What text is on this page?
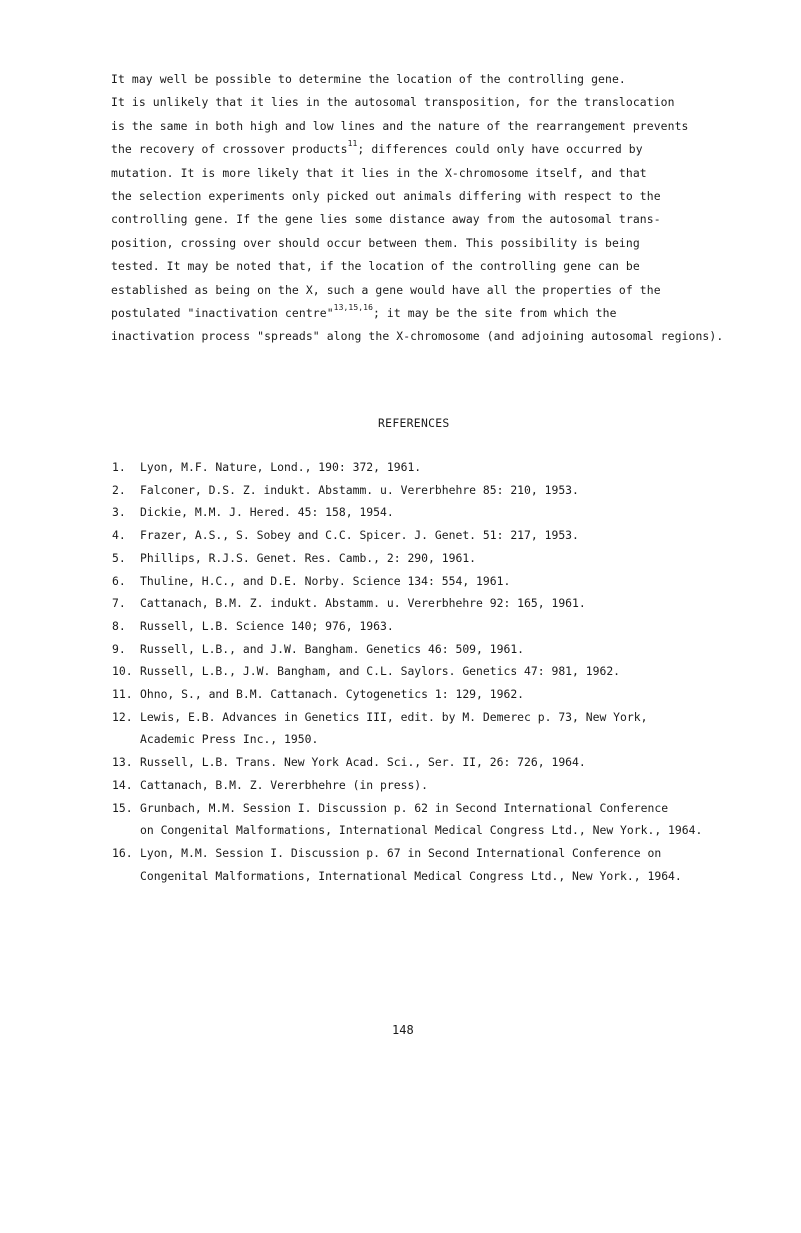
It may well be possible to determine the location of the controlling gene.
It is unlikely that it lies in the autosomal transposition, for the translocation
is the same in both high and low lines and the nature of the rearrangement prevents
the recovery of crossover products$^{11}$; differences could only have occurred by
mutation. It is more likely that it lies in the X-chromosome itself, and that
the selection experiments only picked out animals differing with respect to the
controlling gene. If the gene lies some distance away from the autosomal trans-
position, crossing over should occur between them. This possibility is being
tested. It may be noted that, if the location of the controlling gene can be
established as being on the X, such a gene would have all the properties of the
postulated "inactivation centre"$^{13,15,16}$; it may be the site from which the
inactivation process "spreads" along the X-chromosome (and adjoining autosomal regions).
REFERENCES
1.	Lyon, M.F. Nature, Lond., 190: 372, 1961.
2.	Falconer, D.S. Z. indukt. Abstamm. u. Vererbhehre 85: 210, 1953.
3.	Dickie, M.M. J. Hered. 45: 158, 1954.
4.	Frazer, A.S., S. Sobey and C.C. Spicer. J. Genet. 51: 217, 1953.
5.	Phillips, R.J.S. Genet. Res. Camb., 2: 290, 1961.
6.	Thuline, H.C., and D.E. Norby. Science 134: 554, 1961.
7.	Cattanach, B.M. Z. indukt. Abstamm. u. Vererbhehre 92: 165, 1961.
8.	Russell, L.B. Science 140; 976, 1963.
9.	Russell, L.B., and J.W. Bangham. Genetics 46: 509, 1961.
10. Russell, L.B., J.W. Bangham, and C.L. Saylors. Genetics 47: 981, 1962.
11. Ohno, S., and B.M. Cattanach. Cytogenetics 1: 129, 1962.
12. Lewis, E.B. Advances in Genetics III, edit. by M. Demerec p. 73, New York,
Academic Press Inc., 1950.
13. Russell, L.B. Trans. New York Acad. Sci., Ser. II, 26: 726, 1964.
14. Cattanach, B.M. Z. Vererbhehre (in press).
15. Grunbach, M.M. Session I. Discussion p. 62 in Second International Conference
on Congenital Malformations, International Medical Congress Ltd., New York., 1964.
16. Lyon, M.M. Session I. Discussion p. 67 in Second International Conference on
Congenital Malformations, International Medical Congress Ltd., New York., 1964.
148
